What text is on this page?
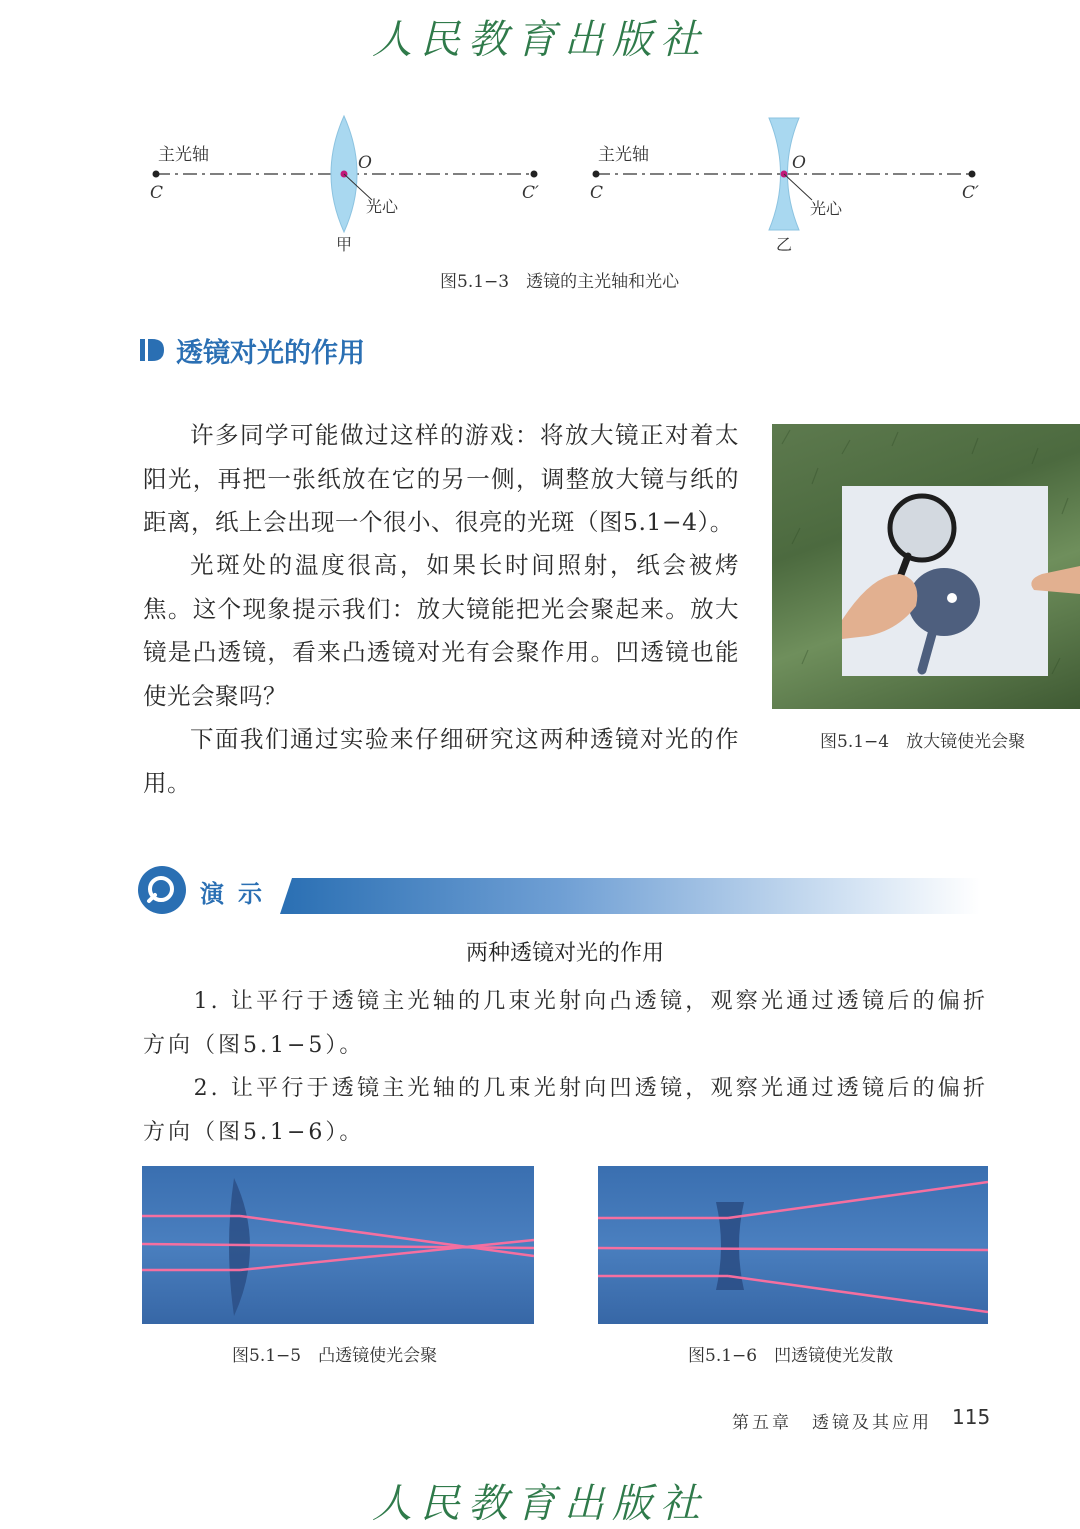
人民教育出版社
主光轴
C
O
C′
光心
甲
主光轴
C
O
C′
光心
乙
图5.1−3　透镜的主光轴和光心
透镜对光的作用

许多同学可能做过这样的游戏：将放大镜正对着太阳光，再把一张纸放在它的另一侧，调整放大镜与纸的距离，纸上会出现一个很小、很亮的光斑（图5.1−4）。

光斑处的温度很高，如果长时间照射，纸会被烤焦。这个现象提示我们：放大镜能把光会聚起来。放大镜是凸透镜，看来凸透镜对光有会聚作用。凹透镜也能使光会聚吗？

下面我们通过实验来仔细研究这两种透镜对光的作用。

图5.1−4　放大镜使光会聚
演示
两种透镜对光的作用

1. 让平行于透镜主光轴的几束光射向凸透镜，观察光通过透镜后的偏折方向（图5.1−5）。

2. 让平行于透镜主光轴的几束光射向凹透镜，观察光通过透镜后的偏折方向（图5.1−6）。

图5.1−5　凸透镜使光会聚	图5.1−6　凹透镜使光发散
第五章　透镜及其应用 115
人民教育出版社
